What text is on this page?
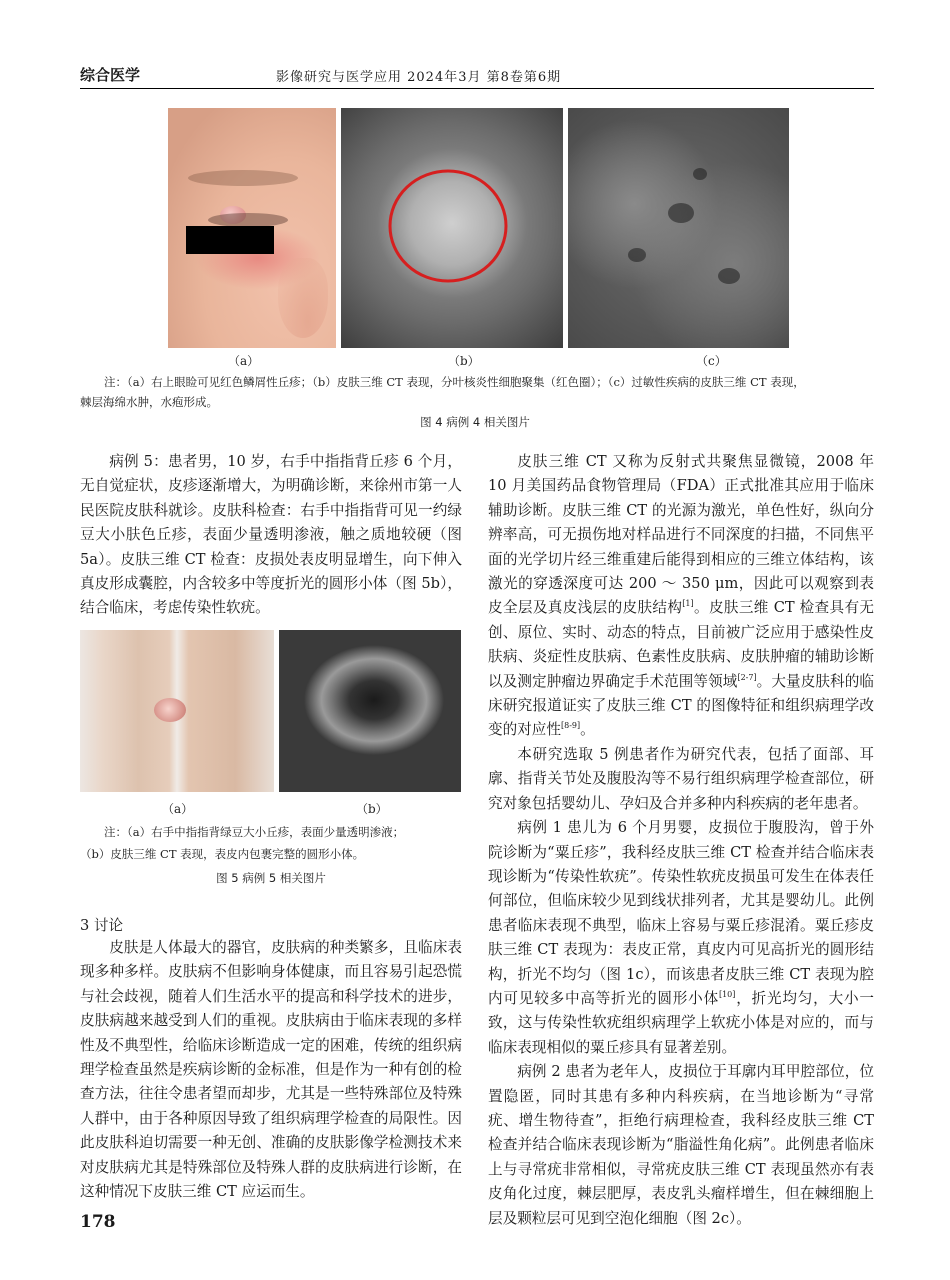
综合医学	影像研究与医学应用 2024年3月 第8卷第6期
（a）	（b）	（c）
注：（a）右上眼睑可见红色鳞屑性丘疹；（b）皮肤三维 CT 表现，分叶核炎性细胞聚集（红色圈）；（c）过敏性疾病的皮肤三维 CT 表现，
棘层海绵水肿，水疱形成。
图 4 病例 4 相关图片

病例 5：患者男，10 岁，右手中指指背丘疹 6 个月，无自觉症状，皮疹逐渐增大，为明确诊断，来徐州市第一人民医院皮肤科就诊。皮肤科检查：右手中指指背可见一约绿豆大小肤色丘疹，表面少量透明渗液，触之质地较硬（图 5a）。皮肤三维 CT 检查：皮损处表皮明显增生，向下伸入真皮形成囊腔，内含较多中等度折光的圆形小体（图 5b），结合临床，考虑传染性软疣。

（a）	（b）
注：（a）右手中指指背绿豆大小丘疹，表面少量透明渗液；
（b）皮肤三维 CT 表现，表皮内包裹完整的圆形小体。
图 5 病例 5 相关图片
3 讨论

皮肤是人体最大的器官，皮肤病的种类繁多，且临床表现多种多样。皮肤病不但影响身体健康，而且容易引起恐慌与社会歧视，随着人们生活水平的提高和科学技术的进步，皮肤病越来越受到人们的重视。皮肤病由于临床表现的多样性及不典型性，给临床诊断造成一定的困难，传统的组织病理学检查虽然是疾病诊断的金标准，但是作为一种有创的检查方法，往往令患者望而却步，尤其是一些特殊部位及特殊人群中，由于各种原因导致了组织病理学检查的局限性。因此皮肤科迫切需要一种无创、准确的皮肤影像学检测技术来对皮肤病尤其是特殊部位及特殊人群的皮肤病进行诊断，在这种情况下皮肤三维 CT 应运而生。

皮肤三维 CT 又称为反射式共聚焦显微镜，2008 年 10 月美国药品食物管理局（FDA）正式批准其应用于临床辅助诊断。皮肤三维 CT 的光源为激光，单色性好，纵向分辨率高，可无损伤地对样品进行不同深度的扫描，不同焦平面的光学切片经三维重建后能得到相应的三维立体结构，该激光的穿透深度可达 200 ～ 350 μm，因此可以观察到表皮全层及真皮浅层的皮肤结构[1]。皮肤三维 CT 检查具有无创、原位、实时、动态的特点，目前被广泛应用于感染性皮肤病、炎症性皮肤病、色素性皮肤病、皮肤肿瘤的辅助诊断以及测定肿瘤边界确定手术范围等领域[2-7]。大量皮肤科的临床研究报道证实了皮肤三维 CT 的图像特征和组织病理学改变的对应性[8-9]。

本研究选取 5 例患者作为研究代表，包括了面部、耳廓、指背关节处及腹股沟等不易行组织病理学检查部位，研究对象包括婴幼儿、孕妇及合并多种内科疾病的老年患者。

病例 1 患儿为 6 个月男婴，皮损位于腹股沟，曾于外院诊断为“粟丘疹”，我科经皮肤三维 CT 检查并结合临床表现诊断为“传染性软疣”。传染性软疣皮损虽可发生在体表任何部位，但临床较少见到线状排列者，尤其是婴幼儿。此例患者临床表现不典型，临床上容易与粟丘疹混淆。粟丘疹皮肤三维 CT 表现为：表皮正常，真皮内可见高折光的圆形结构，折光不均匀（图 1c），而该患者皮肤三维 CT 表现为腔内可见较多中高等折光的圆形小体[10]，折光均匀，大小一致，这与传染性软疣组织病理学上软疣小体是对应的，而与临床表现相似的粟丘疹具有显著差别。

病例 2 患者为老年人，皮损位于耳廓内耳甲腔部位，位置隐匿，同时其患有多种内科疾病，在当地诊断为“寻常疣、增生物待查”，拒绝行病理检查，我科经皮肤三维 CT 检查并结合临床表现诊断为“脂溢性角化病”。此例患者临床上与寻常疣非常相似，寻常疣皮肤三维 CT 表现虽然亦有表皮角化过度，棘层肥厚，表皮乳头瘤样增生，但在棘细胞上层及颗粒层可见到空泡化细胞（图 2c）。

178
